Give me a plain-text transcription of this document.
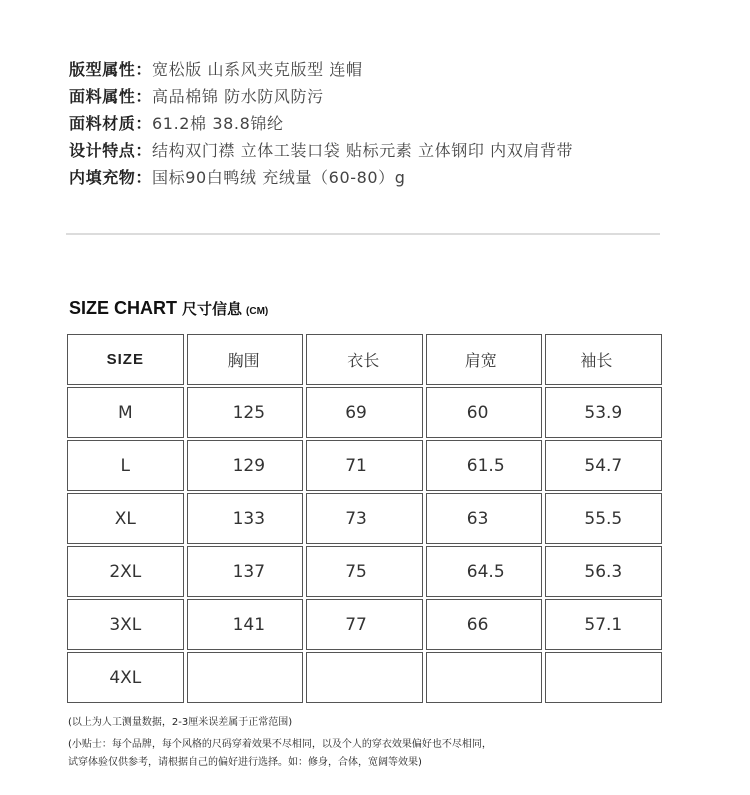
版型属性：宽松版 山系风夹克版型 连帽
面料属性：高品棉锦 防水防风防污
面料材质：61.2棉 38.8锦纶
设计特点：结构双门襟 立体工装口袋 贴标元素 立体钢印 内双肩背带
内填充物：国标90白鸭绒 充绒量（60-80）g
SIZE CHART 尺寸信息 (CM)
SIZE	胸围	衣长	肩宽	袖长
M	125	69	60	53.9
L	129	71	61.5	54.7
XL	133	73	63	55.5
2XL	137	75	64.5	56.3
3XL	141	77	66	57.1
4XL
(以上为人工测量数据，2-3厘米误差属于正常范围)
(小贴士：每个品牌，每个风格的尺码穿着效果不尽相同，以及个人的穿衣效果偏好也不尽相同，
试穿体验仅供参考，请根据自己的偏好进行选择。如：修身，合体，宽阔等效果)
